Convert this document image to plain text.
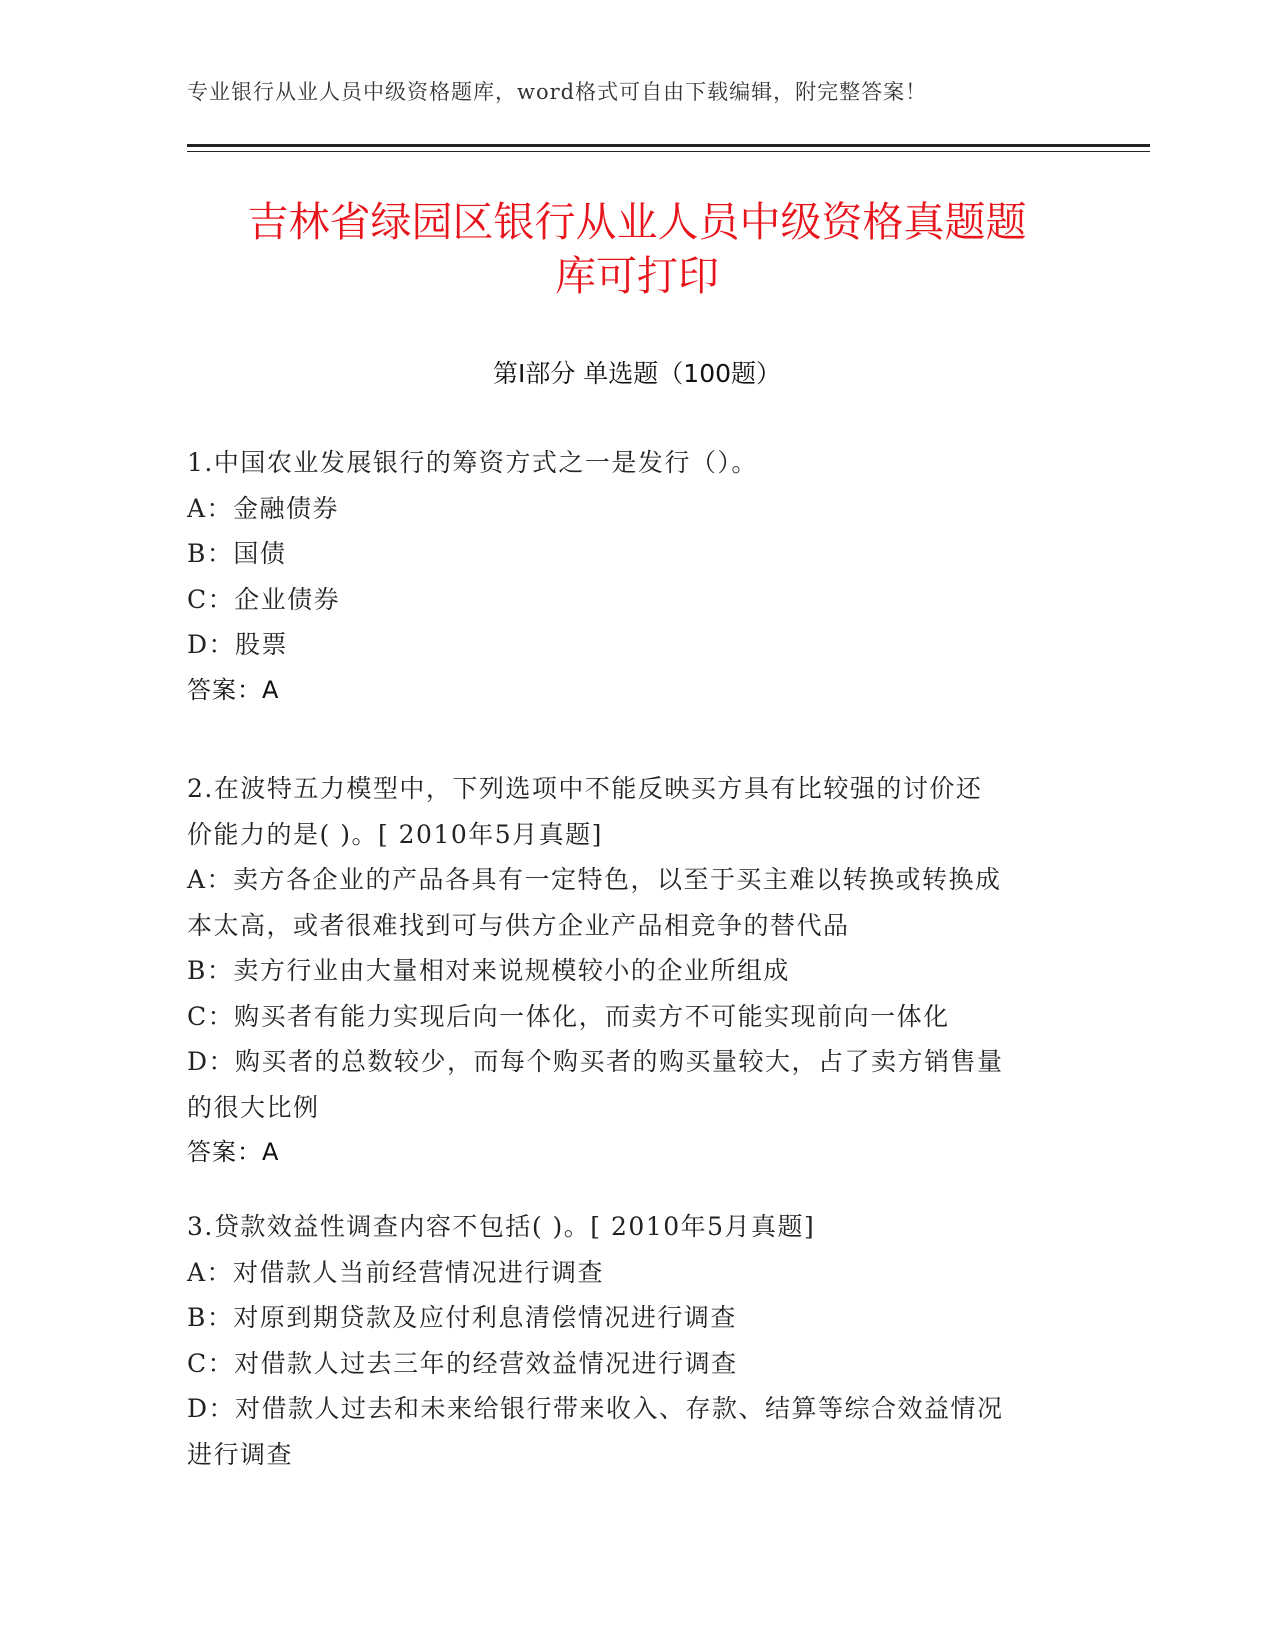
专业银行从业人员中级资格题库，word格式可自由下载编辑，附完整答案！
吉林省绿园区银行从业人员中级资格真题题
库可打印
第Ⅰ部分 单选题（100题）
1.中国农业发展银行的筹资方式之一是发行（）。
A：金融债券
B：国债
C：企业债券
D：股票
答案：A
2.在波特五力模型中，下列选项中不能反映买方具有比较强的讨价还
价能力的是( )。[ 2010年5月真题]
A：卖方各企业的产品各具有一定特色，以至于买主难以转换或转换成
本太高，或者很难找到可与供方企业产品相竞争的替代品
B：卖方行业由大量相对来说规模较小的企业所组成
C：购买者有能力实现后向一体化，而卖方不可能实现前向一体化
D：购买者的总数较少，而每个购买者的购买量较大，占了卖方销售量
的很大比例
答案：A
3.贷款效益性调查内容不包括( )。[ 2010年5月真题]
A：对借款人当前经营情况进行调查
B：对原到期贷款及应付利息清偿情况进行调查
C：对借款人过去三年的经营效益情况进行调查
D：对借款人过去和未来给银行带来收入、存款、结算等综合效益情况
进行调查
